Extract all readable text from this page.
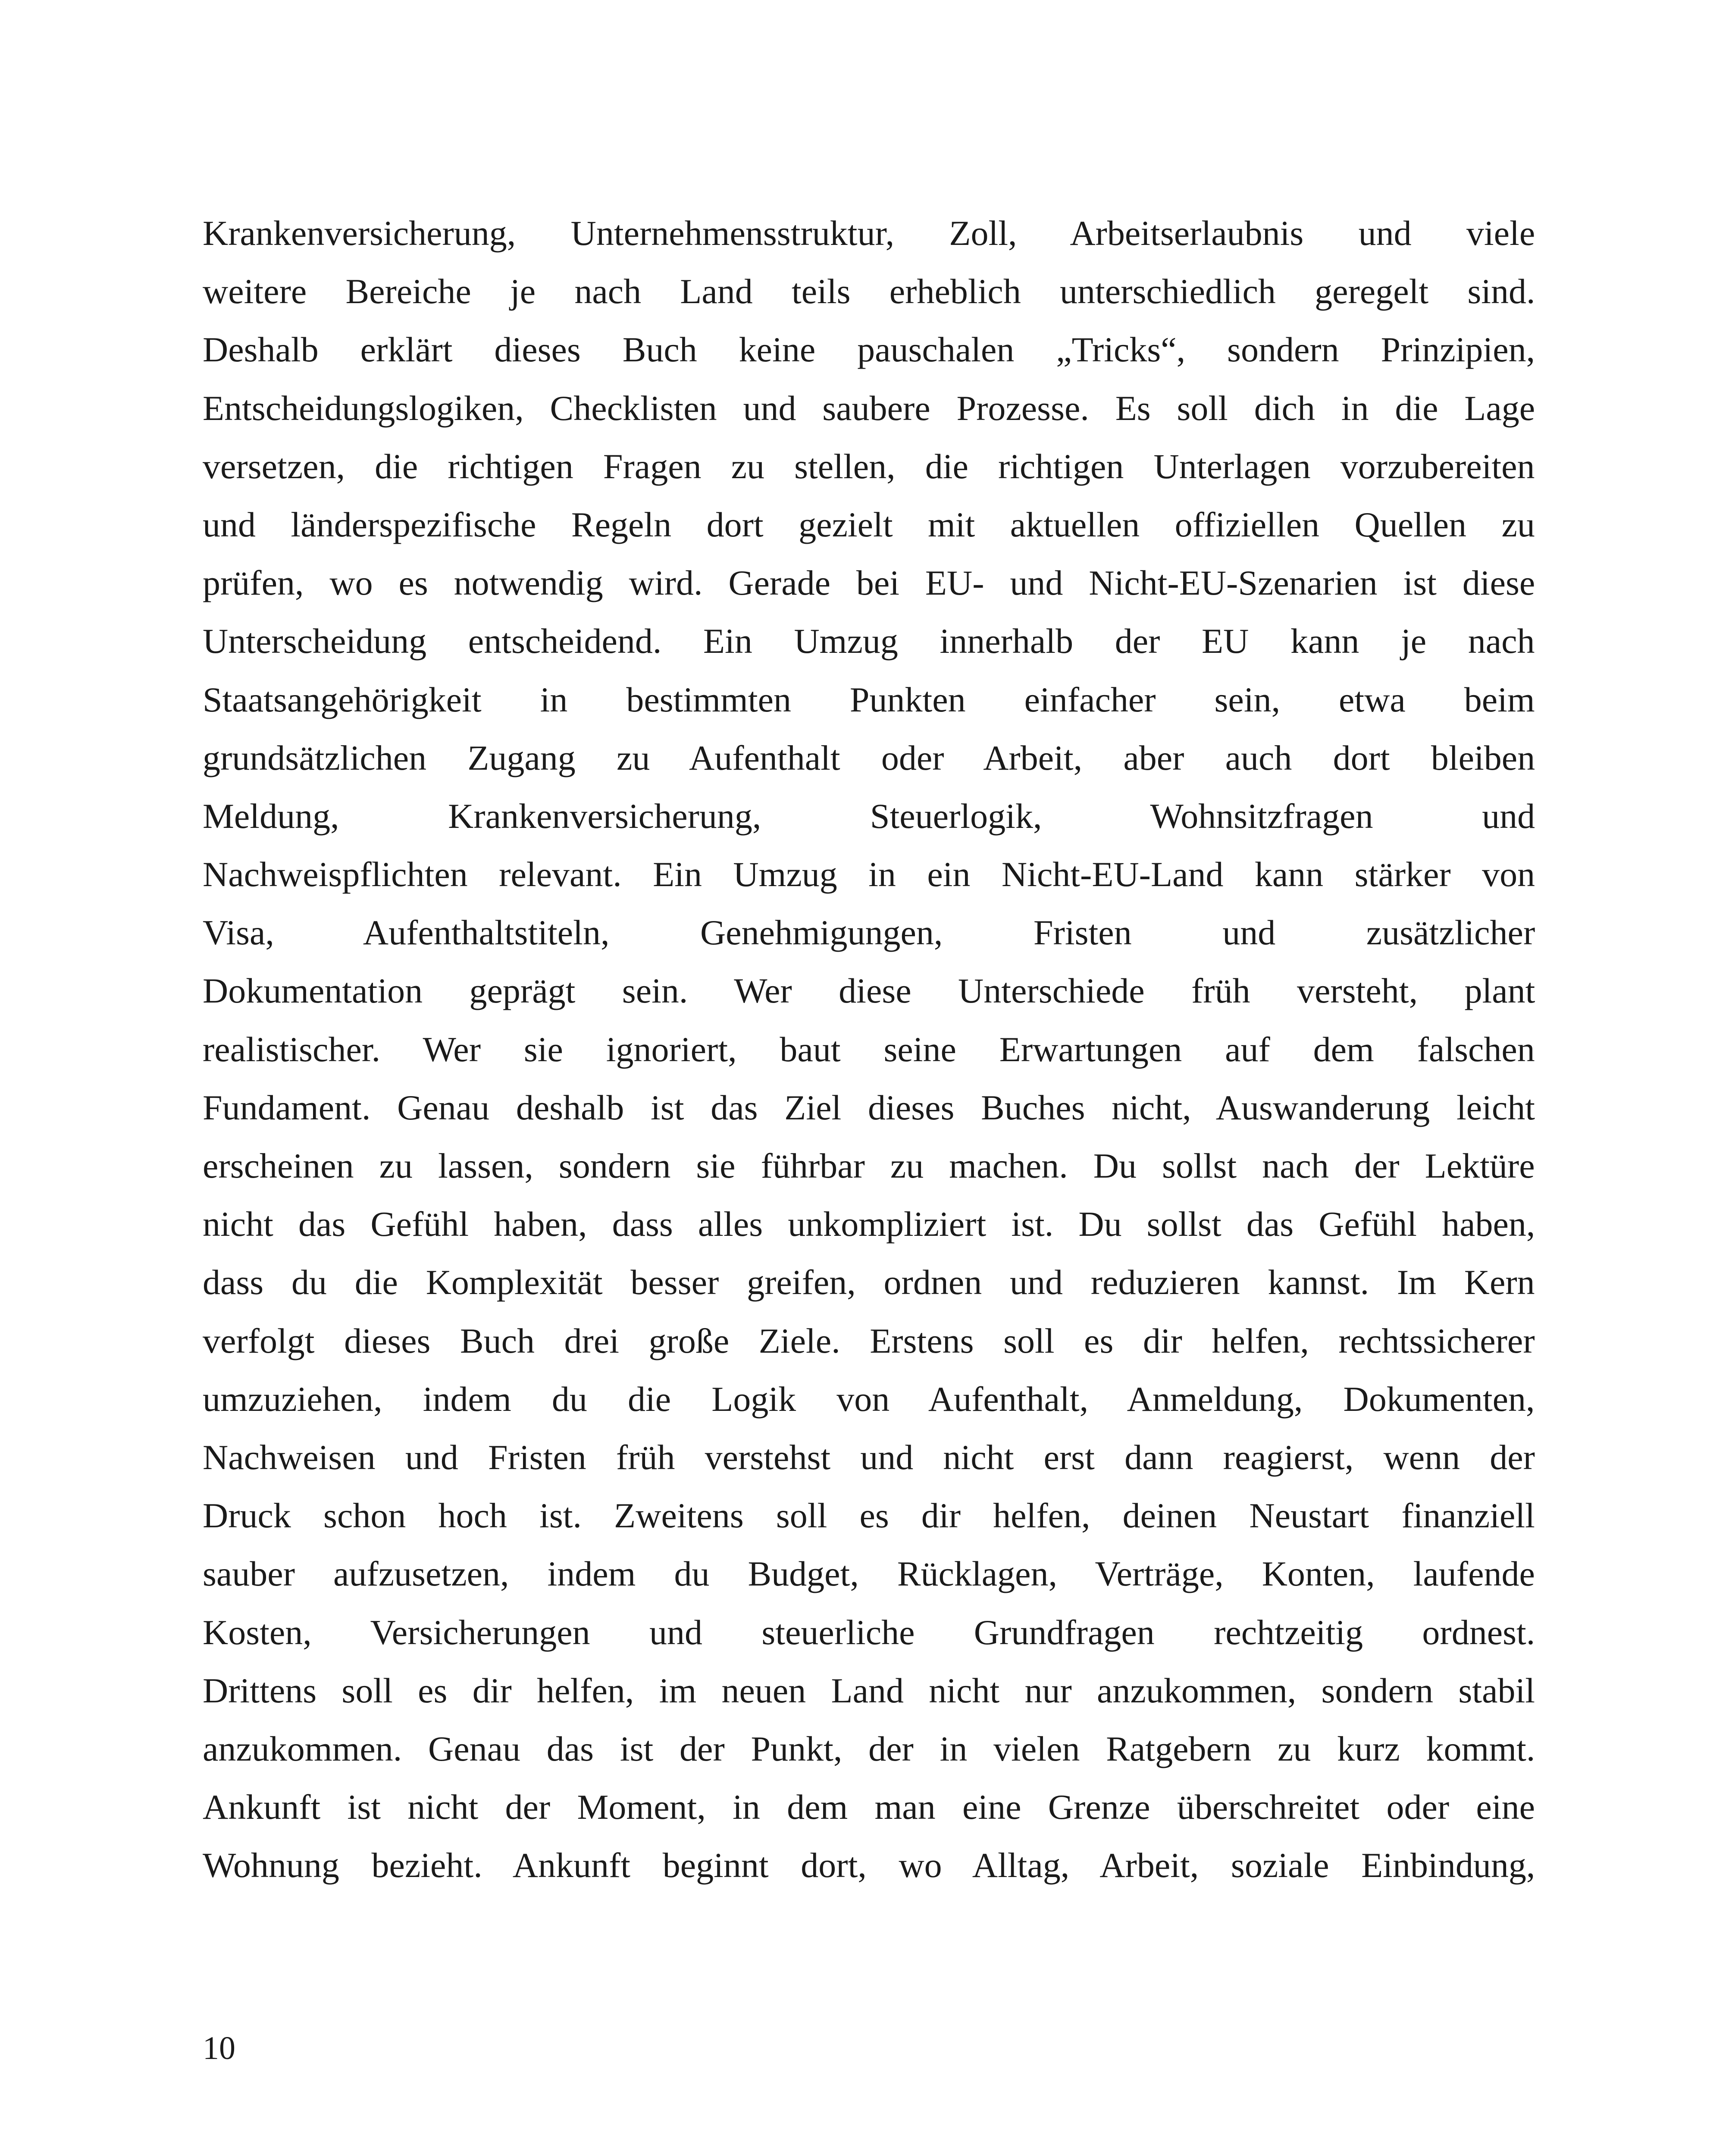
Krankenversicherung, Unternehmensstruktur, Zoll, Arbeitserlaubnis und viele
weitere Bereiche je nach Land teils erheblich unterschiedlich geregelt sind.
Deshalb erklärt dieses Buch keine pauschalen „Tricks“, sondern Prinzipien,
Entscheidungslogiken, Checklisten und saubere Prozesse. Es soll dich in die Lage
versetzen, die richtigen Fragen zu stellen, die richtigen Unterlagen vorzubereiten
und länderspezifische Regeln dort gezielt mit aktuellen offiziellen Quellen zu
prüfen, wo es notwendig wird. Gerade bei EU- und Nicht-EU-Szenarien ist diese
Unterscheidung entscheidend. Ein Umzug innerhalb der EU kann je nach
Staatsangehörigkeit in bestimmten Punkten einfacher sein, etwa beim
grundsätzlichen Zugang zu Aufenthalt oder Arbeit, aber auch dort bleiben
Meldung, Krankenversicherung, Steuerlogik, Wohnsitzfragen und
Nachweispflichten relevant. Ein Umzug in ein Nicht-EU-Land kann stärker von
Visa, Aufenthaltstiteln, Genehmigungen, Fristen und zusätzlicher
Dokumentation geprägt sein. Wer diese Unterschiede früh versteht, plant
realistischer. Wer sie ignoriert, baut seine Erwartungen auf dem falschen
Fundament. Genau deshalb ist das Ziel dieses Buches nicht, Auswanderung leicht
erscheinen zu lassen, sondern sie führbar zu machen. Du sollst nach der Lektüre
nicht das Gefühl haben, dass alles unkompliziert ist. Du sollst das Gefühl haben,
dass du die Komplexität besser greifen, ordnen und reduzieren kannst. Im Kern
verfolgt dieses Buch drei große Ziele. Erstens soll es dir helfen, rechtssicherer
umzuziehen, indem du die Logik von Aufenthalt, Anmeldung, Dokumenten,
Nachweisen und Fristen früh verstehst und nicht erst dann reagierst, wenn der
Druck schon hoch ist. Zweitens soll es dir helfen, deinen Neustart finanziell
sauber aufzusetzen, indem du Budget, Rücklagen, Verträge, Konten, laufende
Kosten, Versicherungen und steuerliche Grundfragen rechtzeitig ordnest.
Drittens soll es dir helfen, im neuen Land nicht nur anzukommen, sondern stabil
anzukommen. Genau das ist der Punkt, der in vielen Ratgebern zu kurz kommt.
Ankunft ist nicht der Moment, in dem man eine Grenze überschreitet oder eine
Wohnung bezieht. Ankunft beginnt dort, wo Alltag, Arbeit, soziale Einbindung,

10
